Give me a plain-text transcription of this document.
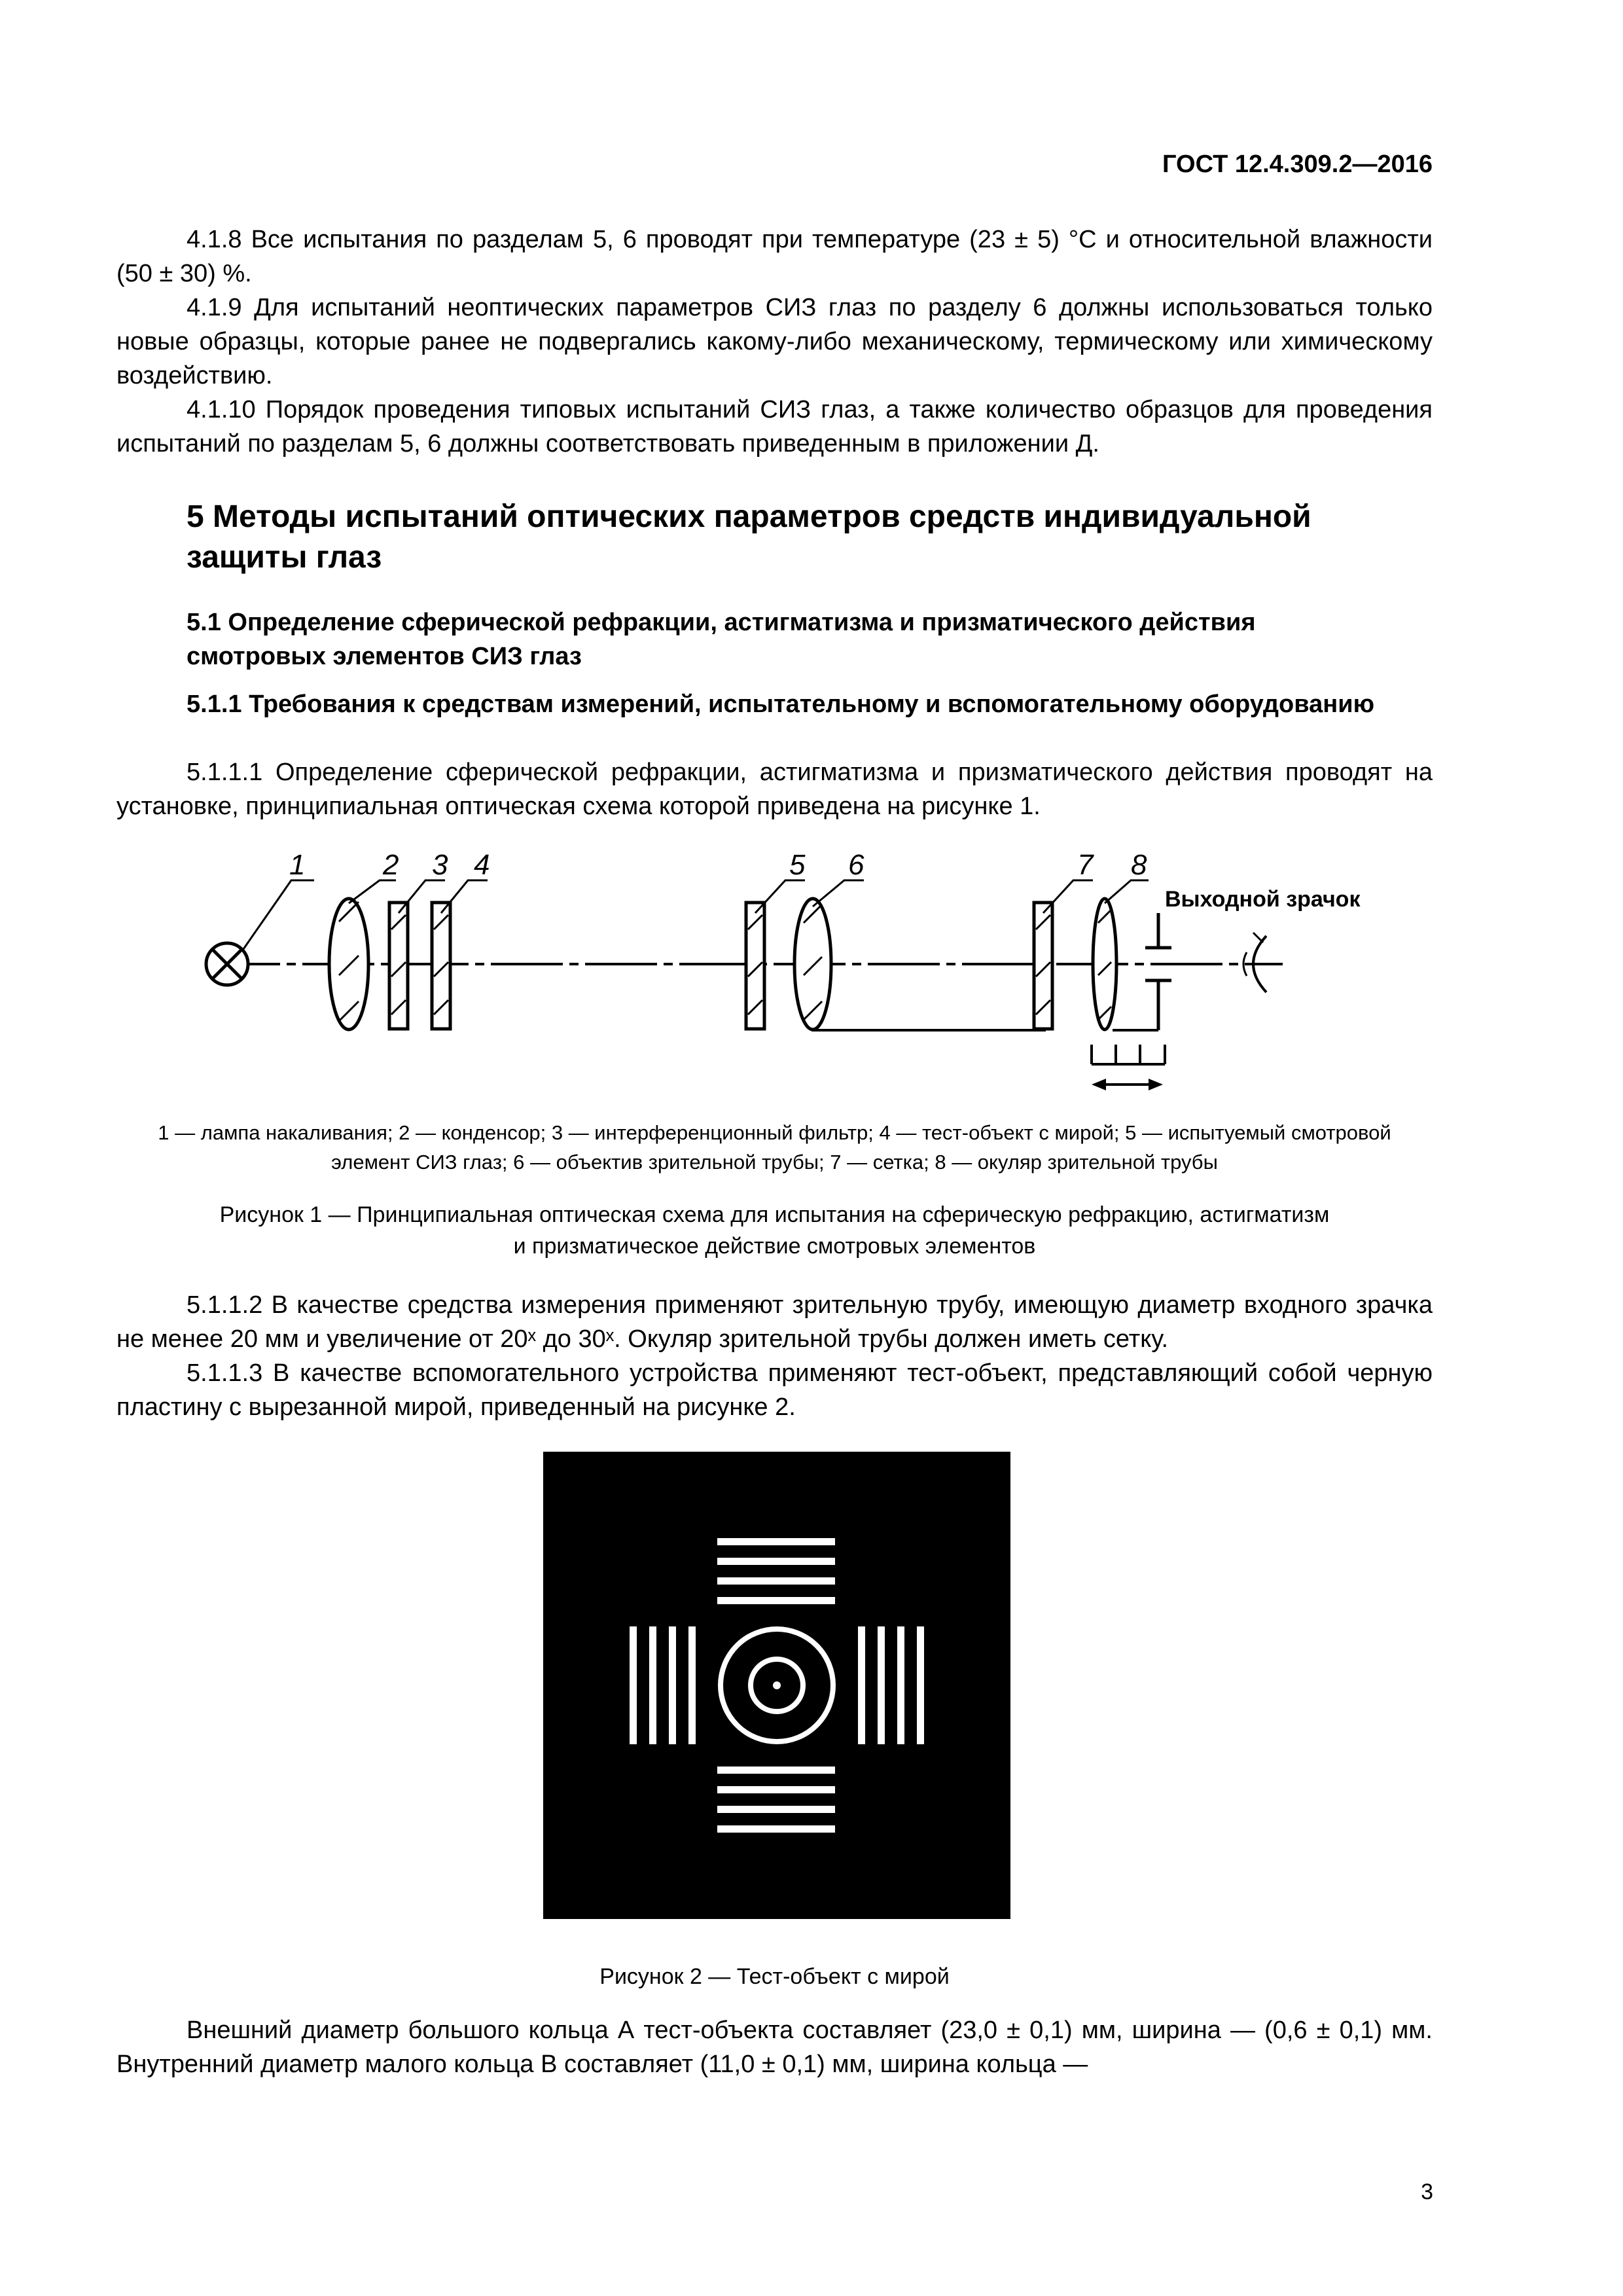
ГОСТ 12.4.309.2—2016

4.1.8 Все испытания по разделам 5, 6 проводят при температуре (23 ± 5) °С и относительной влажности (50 ± 30) %.

4.1.9 Для испытаний неоптических параметров СИЗ глаз по разделу 6 должны использоваться только новые образцы, которые ранее не подвергались какому-либо механическому, термическому или химическому воздействию.

4.1.10 Порядок проведения типовых испытаний СИЗ глаз, а также количество образцов для проведения испытаний по разделам 5, 6 должны соответствовать приведенным в приложении Д.

5 Методы испытаний оптических параметров средств индивидуальной
защиты глаз
5.1 Определение сферической рефракции, астигматизма и призматического действия
смотровых элементов СИЗ глаз

5.1.1 Требования к средствам измерений, испытательному и вспомогательному оборудованию

5.1.1.1 Определение сферической рефракции, астигматизма и призматического действия проводят на установке, принципиальная оптическая схема которой приведена на рисунке 1.

1	2 3 4	5 6	7 8
Выходной зрачок

1 — лампа накаливания; 2 — конденсор; 3 — интерференционный фильтр; 4 — тест-объект с мирой; 5 — испытуемый смотровой

элемент СИЗ глаз; 6 — объектив зрительной трубы; 7 — сетка; 8 — окуляр зрительной трубы

Рисунок 1 — Принципиальная оптическая схема для испытания на сферическую рефракцию, астигматизм

и призматическое действие смотровых элементов

5.1.1.2 В качестве средства измерения применяют зрительную трубу, имеющую диаметр входного зрачка не менее 20 мм и увеличение от 20ˣ до 30ˣ. Окуляр зрительной трубы должен иметь сетку.

5.1.1.3 В качестве вспомогательного устройства применяют тест-объект, представляющий собой черную пластину с вырезанной мирой, приведенный на рисунке 2.

Рисунок 2 — Тест-объект с мирой

Внешний диаметр большого кольца А тест-объекта составляет (23,0 ± 0,1) мм, ширина — (0,6 ± 0,1) мм. Внутренний диаметр малого кольца В составляет (11,0 ± 0,1) мм, ширина кольца —

3
